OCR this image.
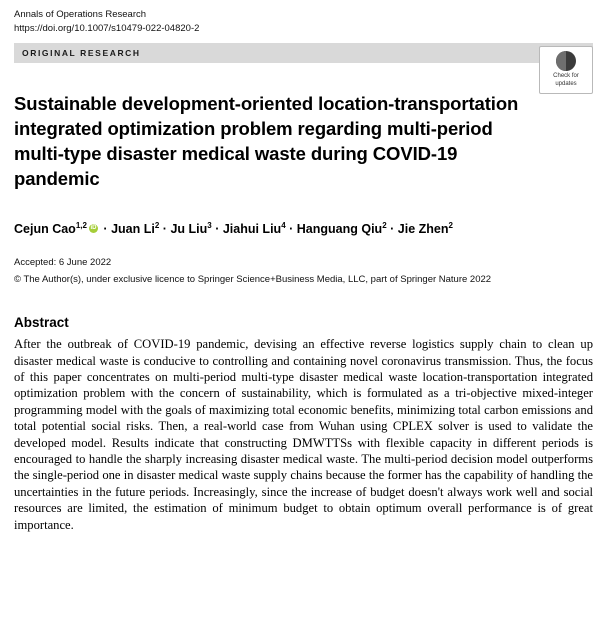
Annals of Operations Research
https://doi.org/10.1007/s10479-022-04820-2
ORIGINAL RESEARCH
Check for
updates
Sustainable development-oriented location-transportation integrated optimization problem regarding multi-period multi-type disaster medical waste during COVID-19 pandemic
Cejun Cao$^{1,2}$ iD · Juan $Li^2 \cdot Ju$ Liu$^3$ · Jiahui Liu$^4$ · Hanguang Qiu$^2$ · Jie Zhen$^2$
Accepted: 6 June 2022
© The Author(s), under exclusive licence to Springer Science+Business Media, LLC, part of Springer Nature 2022
Abstract
After the outbreak of COVID-19 pandemic, devising an effective reverse logistics supply chain to clean up disaster medical waste is conducive to controlling and containing novel coronavirus transmission. Thus, the focus of this paper concentrates on multi-period multi-type disaster medical waste location-transportation integrated optimization problem with the concern of sustainability, which is formulated as a tri-objective mixed-integer programming model with the goals of maximizing total economic benefits, minimizing total carbon emissions and total potential social risks. Then, a real-world case from Wuhan using CPLEX solver is used to validate the developed model. Results indicate that constructing DMWTTSs with flexible capacity in different periods is encouraged to handle the sharply increasing disaster medical waste. The multi-period decision model outperforms the single-period one in disaster medical waste supply chains because the former has the capability of handling the uncertainties in the future periods. Increasingly, since the increase of budget doesn't always work well and social resources are limited, the estimation of minimum budget to obtain optimum overall performance is of great importance.
